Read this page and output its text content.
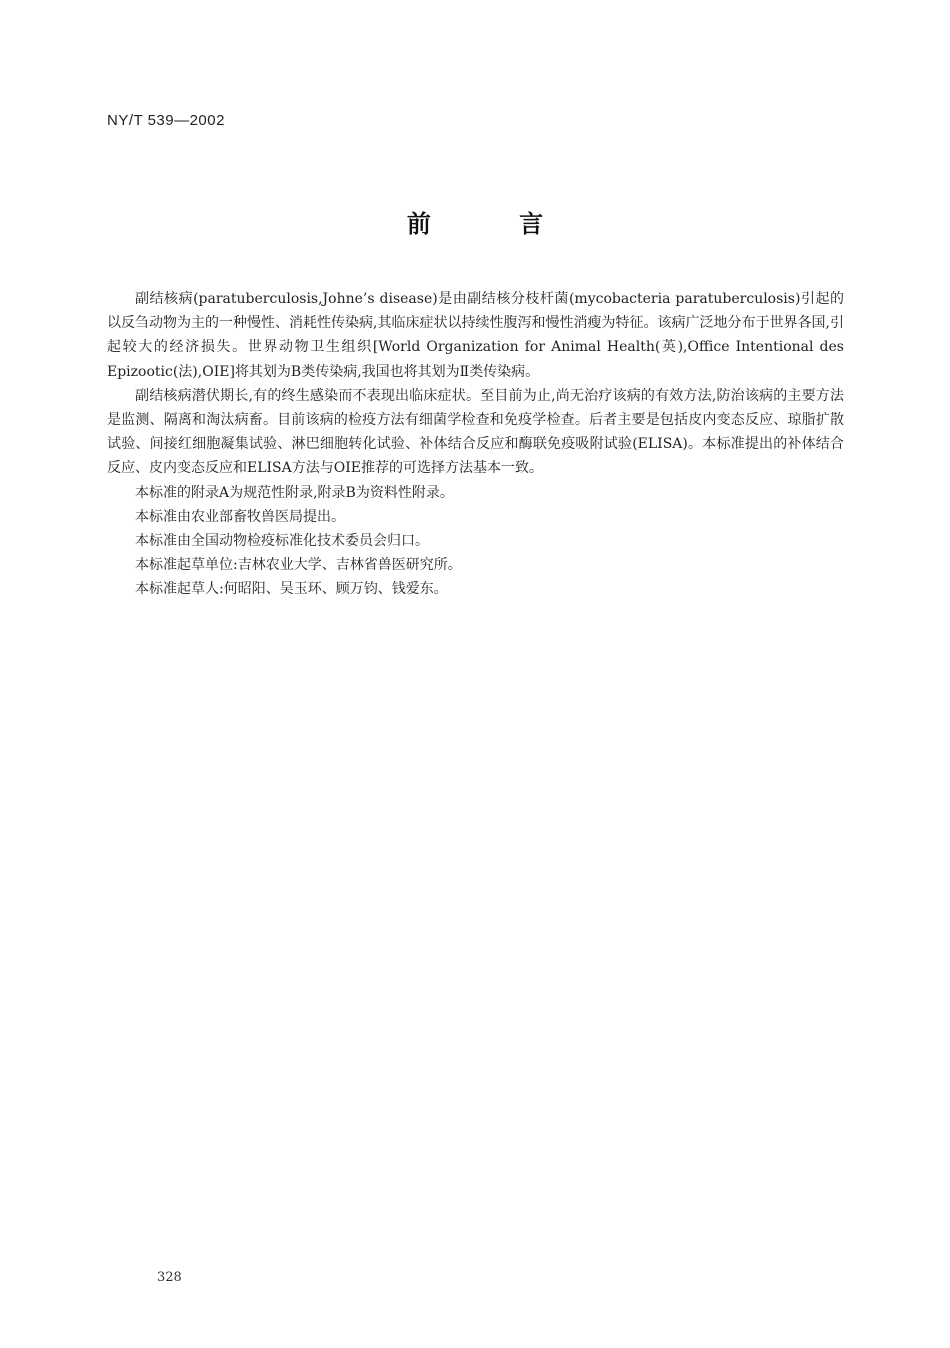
NY/T 539—2002
前 言

副结核病(paratuberculosis,Johne’s disease)是由副结核分枝杆菌(mycobacteria paratuberculosis)引起的以反刍动物为主的一种慢性、消耗性传染病,其临床症状以持续性腹泻和慢性消瘦为特征。该病广泛地分布于世界各国,引起较大的经济损失。世界动物卫生组织[World Organization for Animal Health(英),Office Intentional des Epizootic(法),OIE]将其划为B类传染病,我国也将其划为Ⅱ类传染病。

副结核病潜伏期长,有的终生感染而不表现出临床症状。至目前为止,尚无治疗该病的有效方法,防治该病的主要方法是监测、隔离和淘汰病畜。目前该病的检疫方法有细菌学检查和免疫学检查。后者主要是包括皮内变态反应、琼脂扩散试验、间接红细胞凝集试验、淋巴细胞转化试验、补体结合反应和酶联免疫吸附试验(ELISA)。本标准提出的补体结合反应、皮内变态反应和ELISA方法与OIE推荐的可选择方法基本一致。

本标准的附录A为规范性附录,附录B为资料性附录。

本标准由农业部畜牧兽医局提出。

本标准由全国动物检疫标准化技术委员会归口。

本标准起草单位:吉林农业大学、吉林省兽医研究所。

本标准起草人:何昭阳、吴玉环、顾万钧、钱爱东。

328
